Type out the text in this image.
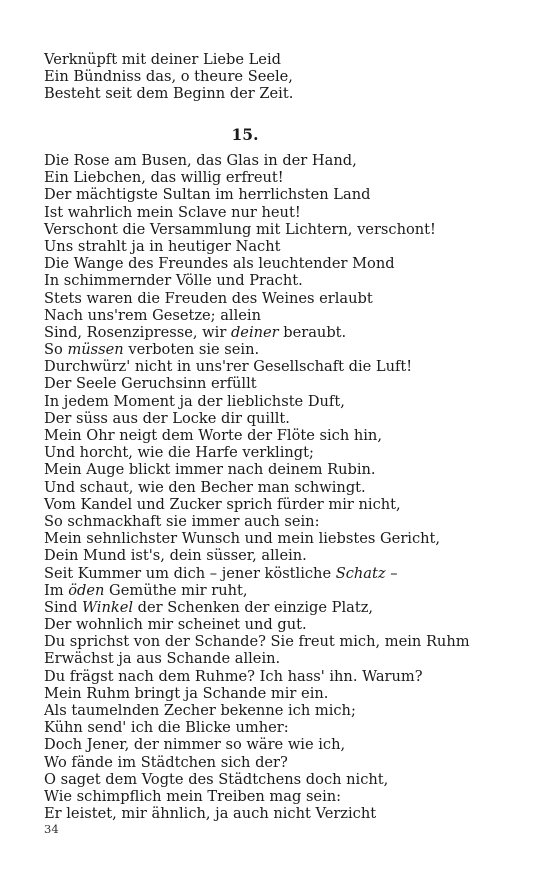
Verknüpft mit deiner Liebe Leid
Ein Bündniss das, o theure Seele,
Besteht seit dem Beginn der Zeit.
15.
Die Rose am Busen, das Glas in der Hand,
Ein Liebchen, das willig erfreut!
Der mächtigste Sultan im herrlichsten Land
Ist wahrlich mein Sclave nur heut!
Verschont die Versammlung mit Lichtern, verschont!
Uns strahlt ja in heutiger Nacht
Die Wange des Freundes als leuchtender Mond
In schimmernder Völle und Pracht.
Stets waren die Freuden des Weines erlaubt
Nach uns'rem Gesetze; allein
Sind, Rosenzipresse, wir deiner beraubt.
So müssen verboten sie sein.
Durchwürz' nicht in uns'rer Gesellschaft die Luft!
Der Seele Geruchsinn erfüllt
In jedem Moment ja der lieblichste Duft,
Der süss aus der Locke dir quillt.
Mein Ohr neigt dem Worte der Flöte sich hin,
Und horcht, wie die Harfe verklingt;
Mein Auge blickt immer nach deinem Rubin.
Und schaut, wie den Becher man schwingt.
Vom Kandel und Zucker sprich fürder mir nicht,
So schmackhaft sie immer auch sein:
Mein sehnlichster Wunsch und mein liebstes Gericht,
Dein Mund ist's, dein süsser, allein.
Seit Kummer um dich – jener köstliche Schatz –
Im öden Gemüthe mir ruht,
Sind Winkel der Schenken der einzige Platz,
Der wohnlich mir scheinet und gut.
Du sprichst von der Schande? Sie freut mich, mein Ruhm
Erwächst ja aus Schande allein.
Du frägst nach dem Ruhme? Ich hass' ihn. Warum?
Mein Ruhm bringt ja Schande mir ein.
Als taumelnden Zecher bekenne ich mich;
Kühn send' ich die Blicke umher:
Doch Jener, der nimmer so wäre wie ich,
Wo fände im Städtchen sich der?
O saget dem Vogte des Städtchens doch nicht,
Wie schimpflich mein Treiben mag sein:
Er leistet, mir ähnlich, ja auch nicht Verzicht
34
